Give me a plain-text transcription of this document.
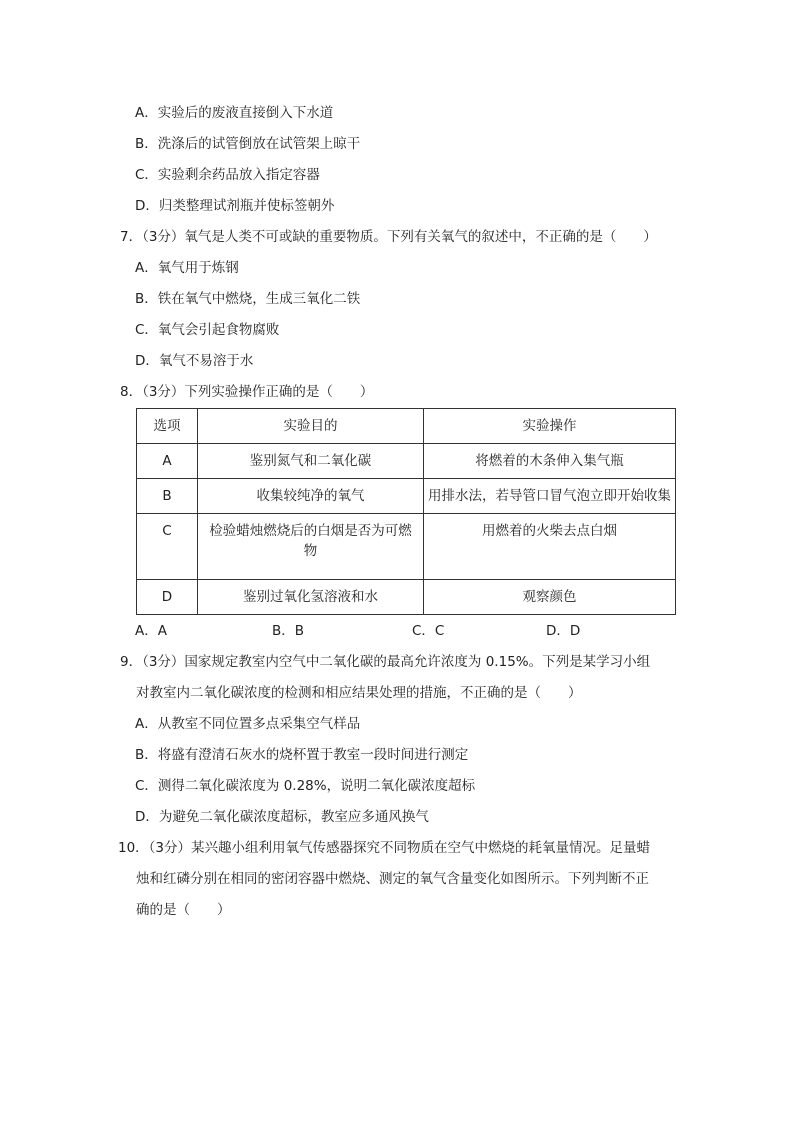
A．实验后的废液直接倒入下水道
B．洗涤后的试管倒放在试管架上晾干
C．实验剩余药品放入指定容器
D．归类整理试剂瓶并使标签朝外
7．（3分）氧气是人类不可或缺的重要物质。下列有关氧气的叙述中，不正确的是（　　）
A．氧气用于炼钢
B．铁在氧气中燃烧，生成三氧化二铁
C．氧气会引起食物腐败
D．氧气不易溶于水
8．（3分）下列实验操作正确的是（　　）
选项	实验目的	实验操作
A	鉴别氮气和二氧化碳	将燃着的木条伸入集气瓶
B	收集较纯净的氧气	用排水法，若导管口冒气泡立即开始收集
C	检验蜡烛燃烧后的白烟是否为可燃物	用燃着的火柴去点白烟
D	鉴别过氧化氢溶液和水	观察颜色
A．A	B．B	C．C	D．D
9．（3分）国家规定教室内空气中二氧化碳的最高允许浓度为 0.15%。下列是某学习小组
对教室内二氧化碳浓度的检测和相应结果处理的措施，不正确的是（　　）
A．从教室不同位置多点采集空气样品
B．将盛有澄清石灰水的烧杯置于教室一段时间进行测定
C．测得二氧化碳浓度为 0.28%，说明二氧化碳浓度超标
D．为避免二氧化碳浓度超标，教室应多通风换气
10．（3分）某兴趣小组利用氧气传感器探究不同物质在空气中燃烧的耗氧量情况。足量蜡
烛和红磷分别在相同的密闭容器中燃烧、测定的氧气含量变化如图所示。下列判断不正
确的是（　　）
